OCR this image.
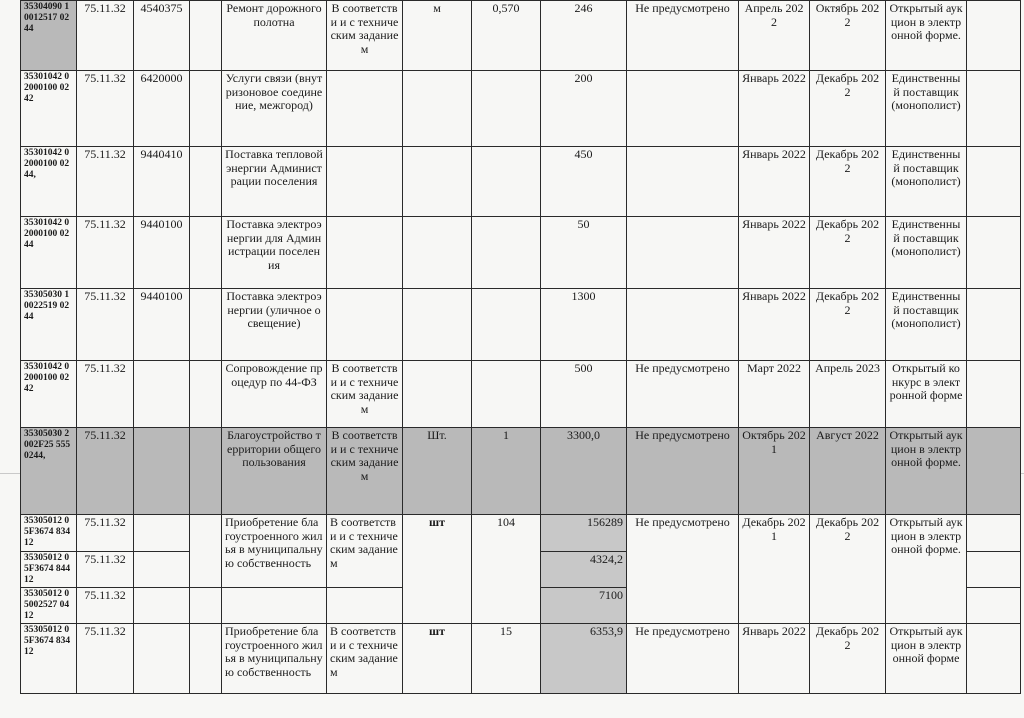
35304090 10012517 0244	75.11.32	4540375		Ремонт дорожного полотна	В соответстви и с техническим заданием	м	0,570	246	Не предусмотрено	Апрель 2022	Октябрь 2022	Открытый аукцион в электронной форме.	
35301042 02000100 0242	75.11.32	6420000		Услуги связи (внутризоновое соединение, межгород)				200		Январь 2022	Декабрь 2022	Единственный поставщик (монополист)	
35301042 02000100 0244,	75.11.32	9440410		Поставка тепловой энергии Администрации поселения				450		Январь 2022	Декабрь 2022	Единственный поставщик (монополист)	
35301042 02000100 0244	75.11.32	9440100		Поставка электроэнергии для Администрации поселения				50		Январь 2022	Декабрь 2022	Единственный поставщик (монополист)	
35305030 10022519 0244	75.11.32	9440100		Поставка электроэнергии (уличное освещение)				1300		Январь 2022	Декабрь 2022	Единственный поставщик (монополист)	
35301042 02000100 0242	75.11.32			Сопровождение процедур по 44-ФЗ	В соответстви и с техническим заданием			500	Не предусмотрено	Март 2022	Апрель 2023	Открытый конкурс в электронной форме	
35305030 2002F25 5550244,	75.11.32			Благоустройство территории общего пользования	В соответстви и с техническим заданием	Шт.	1	3300,0	Не предусмотрено	Октябрь 2021	Август 2022	Открытый аукцион в электронной форме.	
35305012 05F3674 83412	75.11.32			Приобретение благоустроенного жилья в муниципальную собственность	В соответстви и с техническим заданием	шт	104	156289	Не предусмотрено	Декабрь 2021	Декабрь 2022	Открытый аукцион в электронной форме.	
35305012 05F3674 84412	75.11.32							4324,2					
35305012 05002527 0412	75.11.32							7100					
35305012 05F3674 83412	75.11.32			Приобретение благоустроенного жилья в муниципальную собственность	В соответстви и с техническим заданием	шт	15	6353,9	Не предусмотрено	Январь 2022	Декабрь 2022	Открытый аукцион в электронной форме	
